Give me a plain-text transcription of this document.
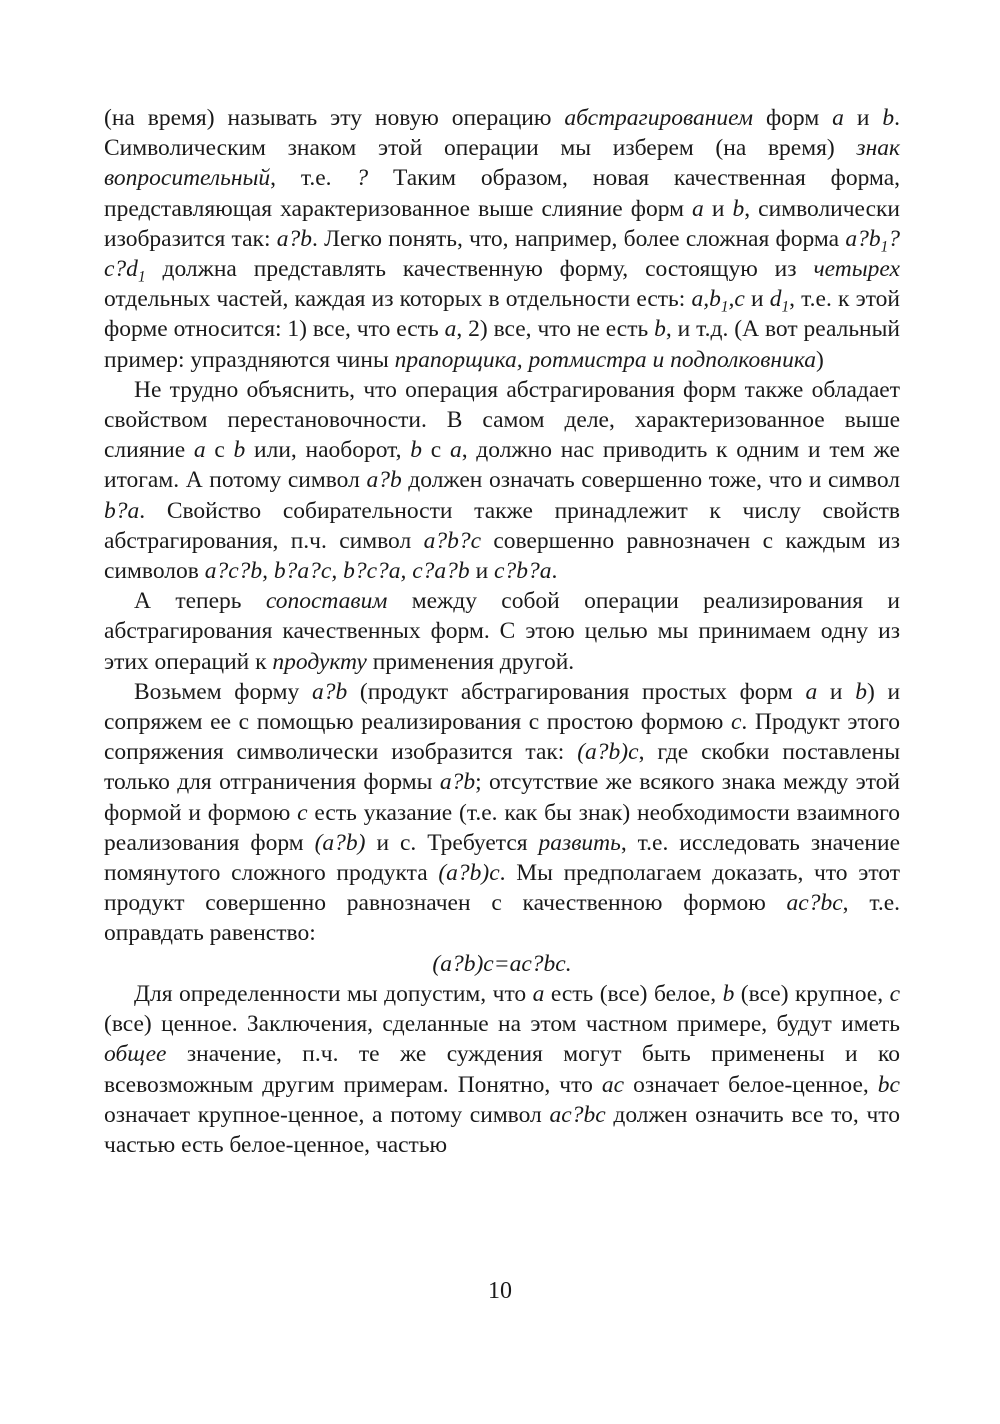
(на время) называть эту новую операцию абстрагированием форм a и b. Символическим знаком этой операции мы изберем (на время) знак вопросительный, т.е. ? Таким образом, новая качественная форма, представляющая характеризованное выше слияние форм a и b, символически изобразится так: a?b. Легко понять, что, например, более сложная форма $a?b_1?c?d_1$ должна представлять качественную форму, состоящую из четырех отдельных частей, каждая из которых в отдельности есть: $a,b_1,c$ и $d_1$, т.е. к этой форме относится: 1) все, что есть a, 2) все, что не есть b, и т.д. (А вот реальный пример: упраздняются чины прапорщика, ротмистра и подполковника)

Не трудно объяснить, что операция абстрагирования форм также обладает свойством перестановочности. В самом деле, характеризованное выше слияние a с b или, наоборот, b с a, должно нас приводить к одним и тем же итогам. А потому символ a?b должен означать совершенно тоже, что и символ b?a. Свойство собирательности также принадлежит к числу свойств абстрагирования, п.ч. символ a?b?c совершенно равнозначен с каждым из символов a?c?b, b?a?c, b?c?a, c?a?b и c?b?a.

А теперь сопоставим между собой операции реализирования и абстрагирования качественных форм. С этою целью мы принимаем одну из этих операций к продукту применения другой.

Возьмем форму a?b (продукт абстрагирования простых форм a и b) и сопряжем ее с помощью реализирования с простою формою c. Продукт этого сопряжения символически изобразится так: (a?b)c, где скобки поставлены только для отграничения формы a?b; отсутствие же всякого знака между этой формой и формою c есть указание (т.е. как бы знак) необходимости взаимного реализования форм (a?b) и с. Требуется развить, т.е. исследовать значение помянутого сложного продукта (a?b)c. Мы предполагаем доказать, что этот продукт совершенно равнозначен с качественною формою ac?bc, т.е. оправдать равенство:

(a?b)c=ac?bc.

Для определенности мы допустим, что a есть (все) белое, b (все) крупное, c (все) ценное. Заключения, сделанные на этом частном примере, будут иметь общее значение, п.ч. те же суждения могут быть применены и ко всевозможным другим примерам. Понятно, что ac означает белое-ценное, bc означает крупное-ценное, а потому символ ac?bc должен означить все то, что частью есть белое-ценное, частью

10
